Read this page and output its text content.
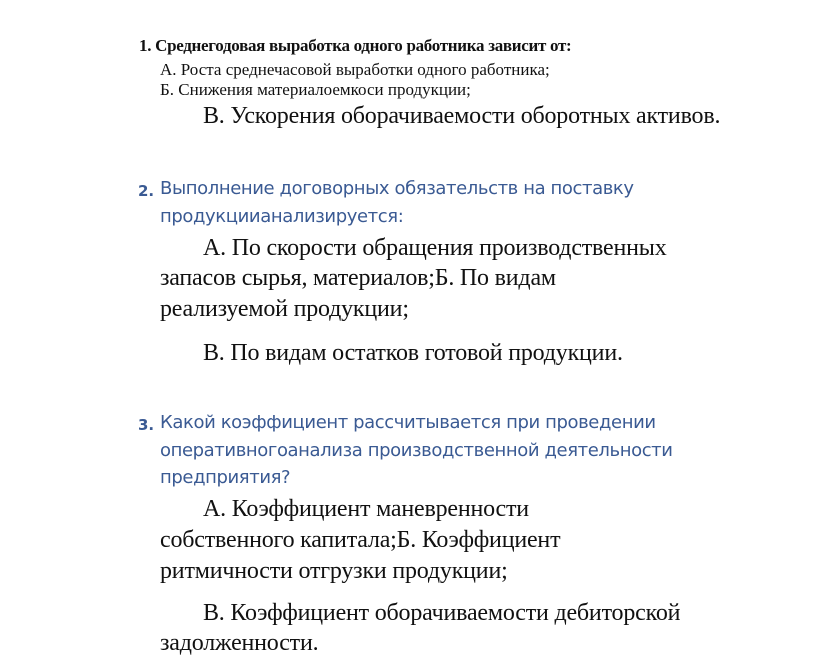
1. Среднегодовая выработка одного работника зависит от:
А. Роста среднечасовой выработки одного работника;
Б. Снижения материалоемкоси продукции;
В. Ускорения оборачиваемости оборотных активов.
2. Выполнение договорных обязательств на поставку
продукциианализируется:
А. По скорости обращения производственных
запасов сырья, материалов;Б. По видам
реализуемой продукции;
В. По видам остатков готовой продукции.
3. Какой коэффициент рассчитывается при проведении
оперативногоанализа производственной деятельности
предприятия?
А. Коэффициент маневренности
собственного капитала;Б. Коэффициент
ритмичности отгрузки продукции;
В. Коэффициент оборачиваемости дебиторской
задолженности.
